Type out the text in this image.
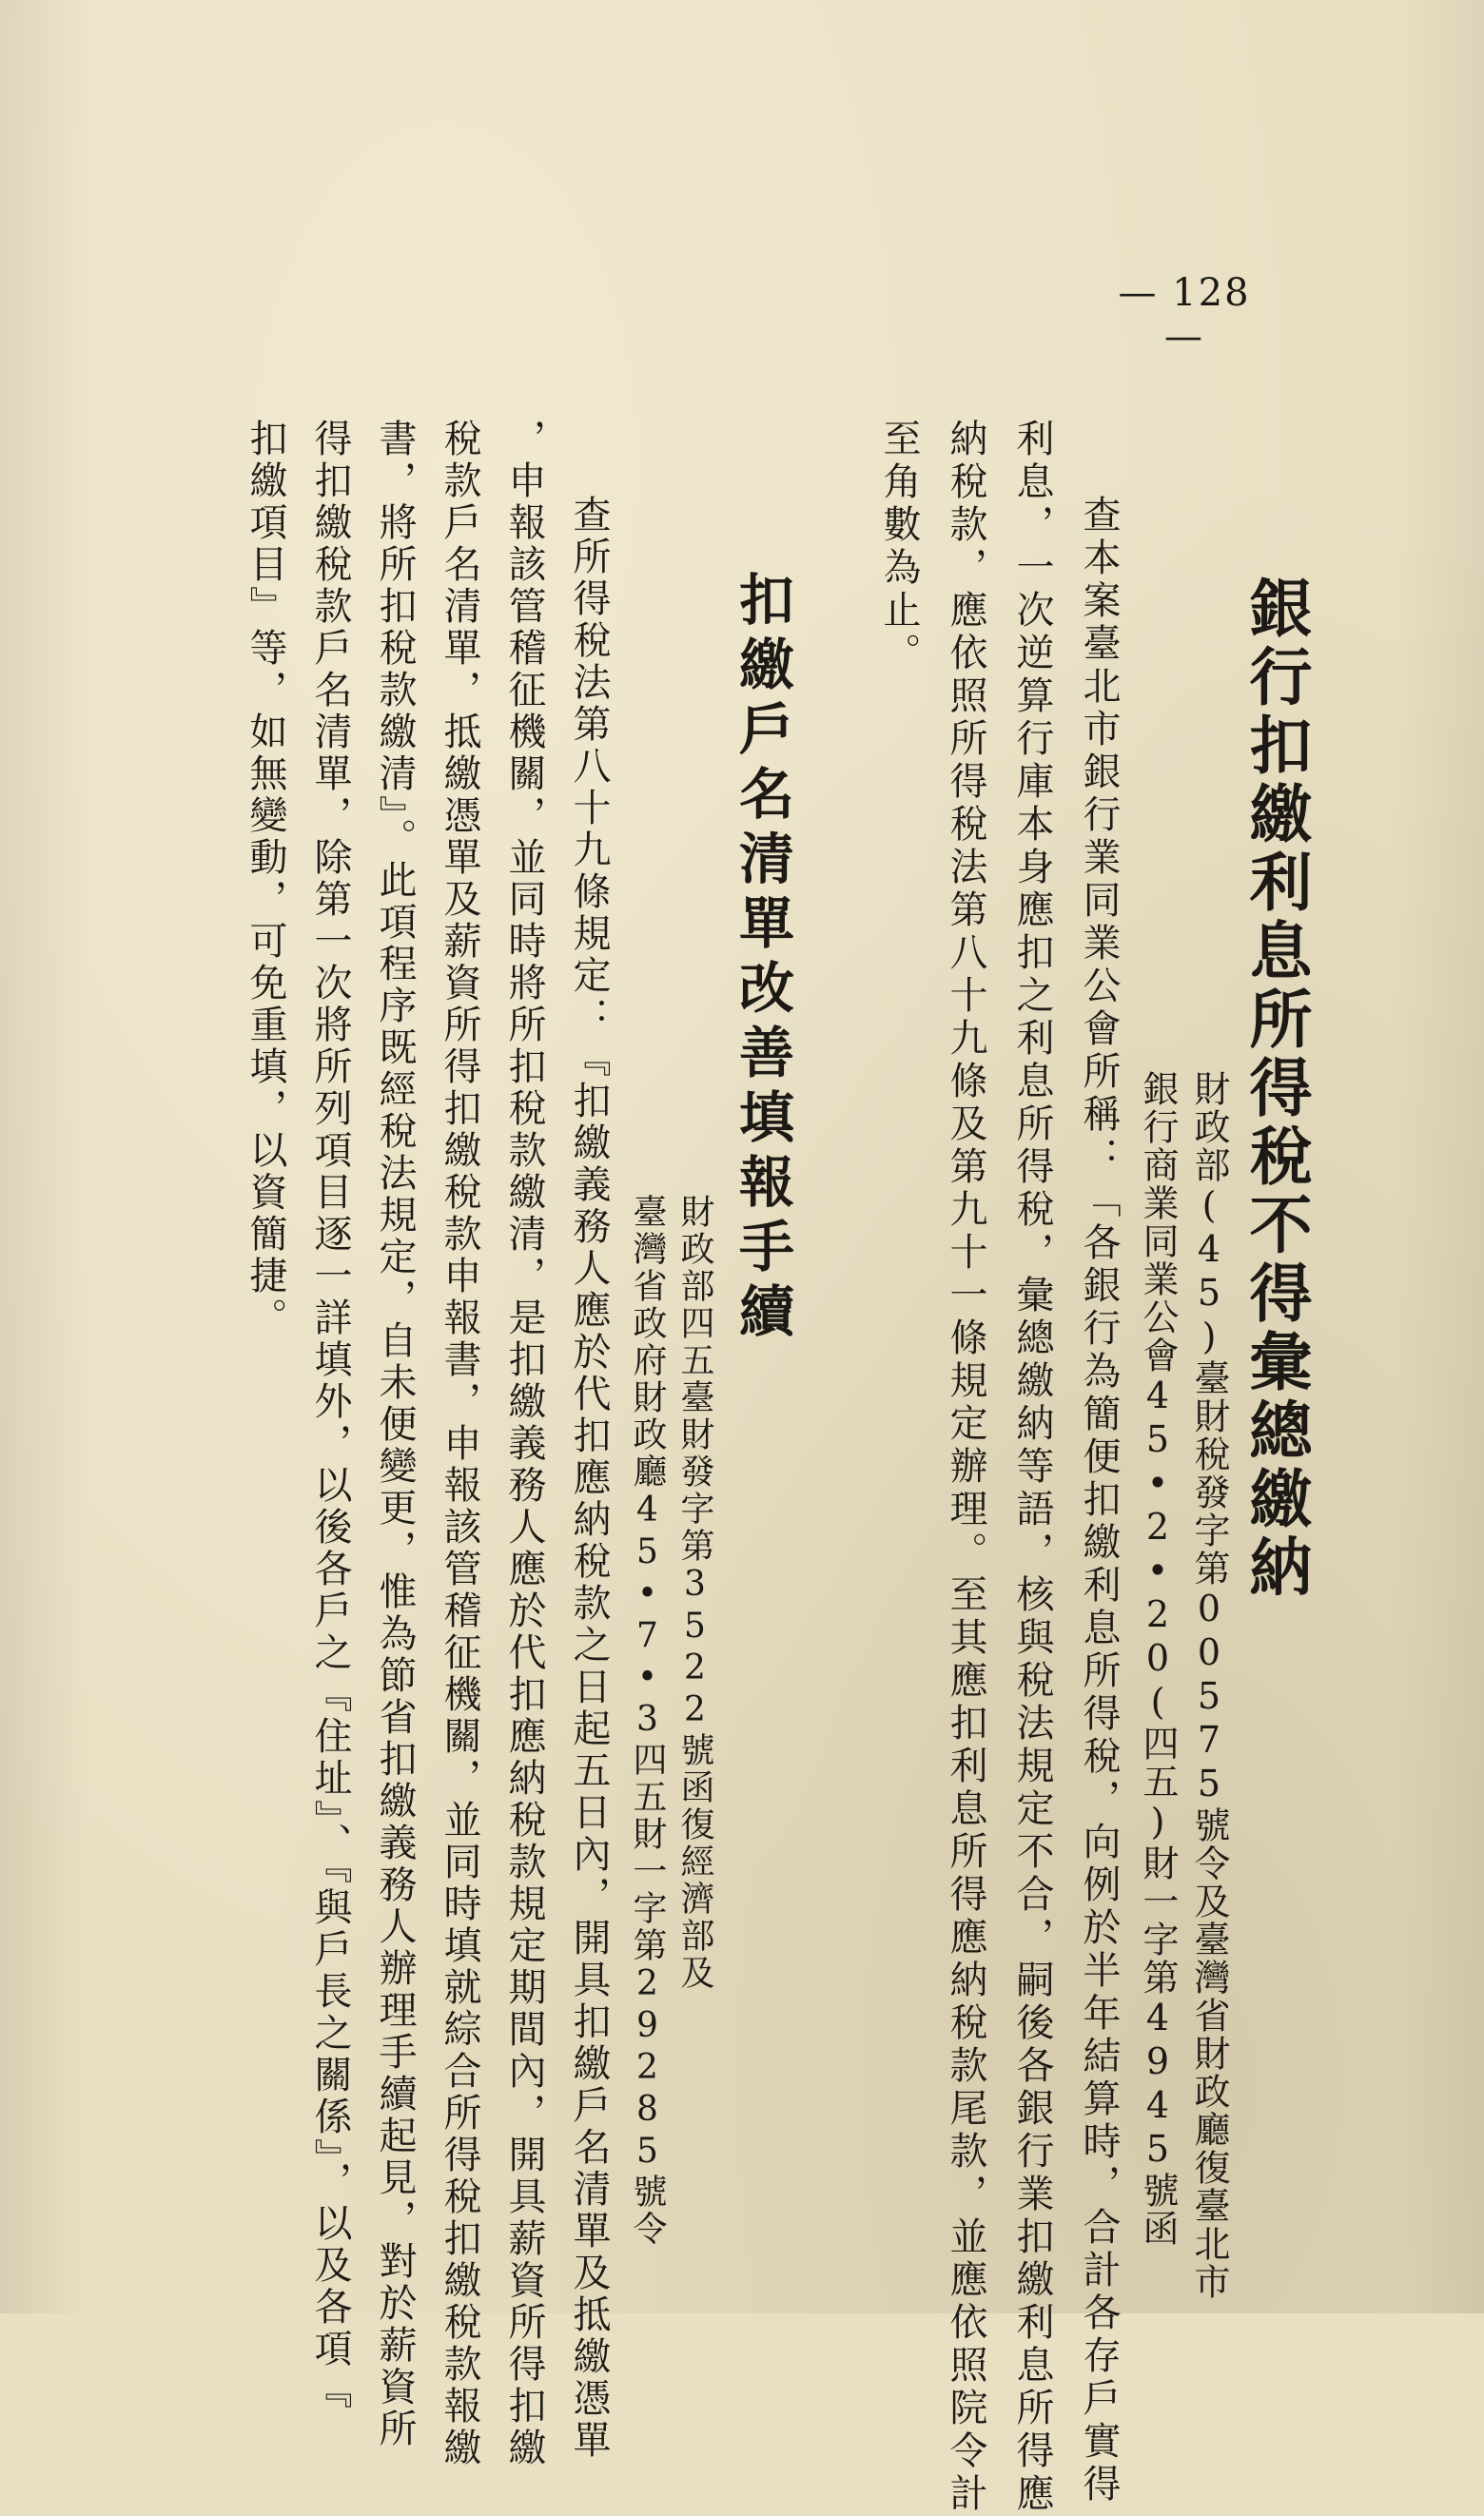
— 128 —
銀行扣繳利息所得稅不得彙總繳納
財政部(45)臺財稅發字第00575號令及臺灣省財政廳復臺北市
銀行商業同業公會45•2•20(四五)財一字第4945號函
查本案臺北市銀行業同業公會所稱：「各銀行為簡便扣繳利息所得稅，向例於半年結算時，合計各存戶實得
利息，一次逆算行庫本身應扣之利息所得稅，彙總繳納等語，核與稅法規定不合，嗣後各銀行業扣繳利息所得應
納稅款，應依照所得稅法第八十九條及第九十一條規定辦理。至其應扣利息所得應納稅款尾款，並應依照院令計
至角數為止。
扣繳戶名清單改善填報手續
財政部四五臺財發字第3522號函復經濟部及
臺灣省政府財政廳45•7•3四五財一字第29285號令
查所得稅法第八十九條規定：『扣繳義務人應於代扣應納稅款之日起五日內，開具扣繳戶名清單及抵繳憑單
，申報該管稽征機關，並同時將所扣稅款繳清，是扣繳義務人應於代扣應納稅款規定期間內，開具薪資所得扣繳
稅款戶名清單，抵繳憑單及薪資所得扣繳稅款申報書，申報該管稽征機關，並同時填就綜合所得稅扣繳稅款報繳
書，將所扣稅款繳清』。此項程序既經稅法規定，自未便變更，惟為節省扣繳義務人辦理手續起見，對於薪資所
得扣繳稅款戶名清單，除第一次將所列項目逐一詳填外，以後各戶之『住址』、『與戶長之關係』，以及各項『
扣繳項目』等，如無變動，可免重填，以資簡捷。
